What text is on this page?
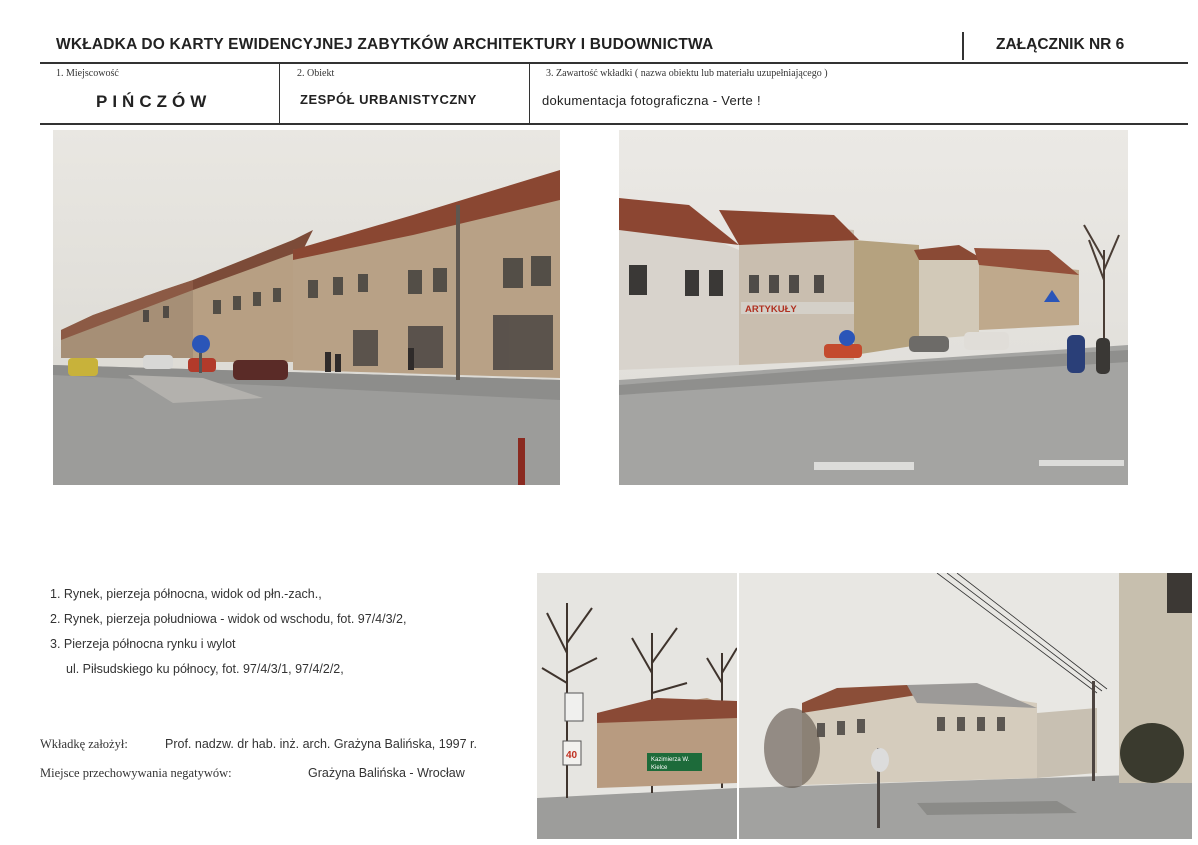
WKŁADKA DO KARTY EWIDENCYJNEJ ZABYTKÓW ARCHITEKTURY I BUDOWNICTWA	ZAŁĄCZNIK NR 6
1. Miejscowość
PIŃCZÓW
2. Obiekt
ZESPÓŁ URBANISTYCZNY
3. Zawartość wkładki ( nazwa obiektu lub materiału uzupełniającego )
dokumentacja fotograficzna - Verte !
ARTYKUŁY
1. Rynek, pierzeja północna, widok od płn.-zach.,
2. Rynek, pierzeja południowa - widok od wschodu, fot. 97/4/3/2,
3. Pierzeja północna rynku i wylot
ul. Piłsudskiego ku północy, fot. 97/4/3/1, 97/4/2/2,
Wkładkę założył:	Prof. nadzw. dr hab. inż. arch. Grażyna Balińska, 1997 r.
Miejsce przechowywania negatywów:	Grażyna Balińska - Wrocław
40	Kazimierza W.
Kielce
